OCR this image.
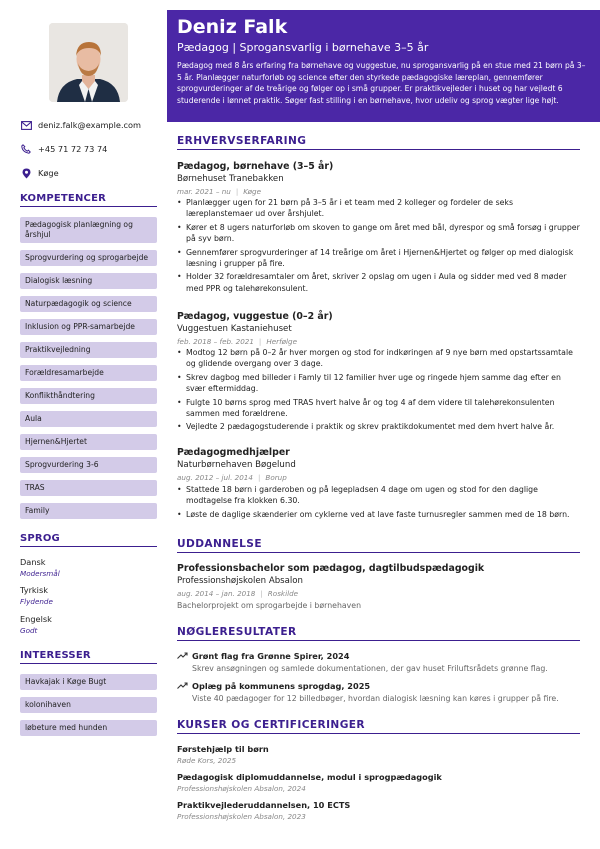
deniz.falk@example.com
+45 71 72 73 74
Køge
KOMPETENCER
Pædagogisk planlægning og årshjul
Sprogvurdering og sprogarbejde
Dialogisk læsning
Naturpædagogik og science
Inklusion og PPR-samarbejde
Praktikvejledning
Forældresamarbejde
Konflikthåndtering
Aula
Hjernen&Hjertet
Sprogvurdering 3-6
TRAS
Family
SPROG
Dansk
Modersmål
Tyrkisk
Flydende
Engelsk
Godt
INTERESSER
Havkajak i Køge Bugt
kolonihaven
løbeture med hunden
Deniz Falk
Pædagog | Sprogansvarlig i børnehave 3–5 år
Pædagog med 8 års erfaring fra børnehave og vuggestue, nu sprogansvarlig på en stue med 21 børn på 3–5 år. Planlægger naturforløb og science efter den styrkede pædagogiske læreplan, gennemfører sprogvurderinger af de treårige og følger op i små grupper. Er praktikvejleder i huset og har vejledt 6 studerende i lønnet praktik. Søger fast stilling i en børnehave, hvor udeliv og sprog vægter lige højt.
ERHVERVSERFARING
Pædagog, børnehave (3–5 år)
Børnehuset Tranebakken
mar. 2021 – nu | Køge
• Planlægger ugen for 21 børn på 3–5 år i et team med 2 kolleger og fordeler de seks læreplanstemaer ud over årshjulet.
• Kører et 8 ugers naturforløb om skoven to gange om året med bål, dyrespor og små forsøg i grupper på syv børn.
• Gennemfører sprogvurderinger af 14 treårige om året i Hjernen&Hjertet og følger op med dialogisk læsning i grupper på fire.
• Holder 32 forældresamtaler om året, skriver 2 opslag om ugen i Aula og sidder med ved 8 møder med PPR og talehørekonsulent.
Pædagog, vuggestue (0–2 år)
Vuggestuen Kastaniehuset
feb. 2018 – feb. 2021 | Herfølge
• Modtog 12 børn på 0–2 år hver morgen og stod for indkøringen af 9 nye børn med opstartssamtale og glidende overgang over 3 dage.
• Skrev dagbog med billeder i Famly til 12 familier hver uge og ringede hjem samme dag efter en svær eftermiddag.
• Fulgte 10 børns sprog med TRAS hvert halve år og tog 4 af dem videre til talehørekonsulenten sammen med forældrene.
• Vejledte 2 pædagogstuderende i praktik og skrev praktikdokumentet med dem hvert halve år.
Pædagogmedhjælper
Naturbørnehaven Bøgelund
aug. 2012 – jul. 2014 | Borup
• Stattede 18 børn i garderoben og på legepladsen 4 dage om ugen og stod for den daglige modtagelse fra klokken 6.30.
• Løste de daglige skænderier om cyklerne ved at lave faste turnusregler sammen med de 18 børn.
UDDANNELSE
Professionsbachelor som pædagog, dagtilbudspædagogik
Professionshøjskolen Absalon
aug. 2014 – jan. 2018 | Roskilde
Bachelorprojekt om sprogarbejde i børnehaven
NØGLERESULTATER
Grønt flag fra Grønne Spirer, 2024
Skrev ansøgningen og samlede dokumentationen, der gav huset Friluftsrådets grønne flag.
Oplæg på kommunens sprogdag, 2025
Viste 40 pædagoger for 12 billedbøger, hvordan dialogisk læsning kan køres i grupper på fire.
KURSER OG CERTIFICERINGER
Førstehjælp til børn
Røde Kors, 2025
Pædagogisk diplomuddannelse, modul i sprogpædagogik
Professionshøjskolen Absalon, 2024
Praktikvejlederuddannelsen, 10 ECTS
Professionshøjskolen Absalon, 2023
